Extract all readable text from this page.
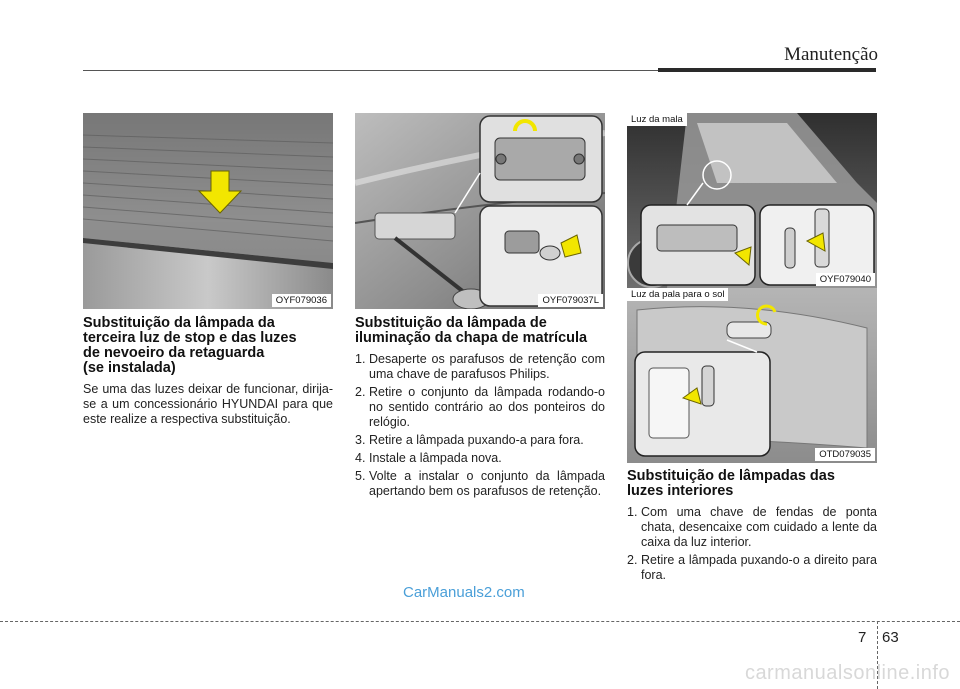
Manutenção
OYF079036	OYF079037L
Luz da mala
OYF079040
Luz da pala para o sol
OTD079035
Substituição da lâmpada da
terceira luz de stop e das luzes
de nevoeiro da retaguarda
(se instalada)

Se uma das luzes deixar de funcionar, dirija-se a um concessionário HYUNDAI para que este realize a respectiva substituição.

Substituição da lâmpada de
iluminação da chapa de matrícula
1. Desaperte os parafusos de retenção com uma chave de parafusos Philips.
2. Retire o conjunto da lâmpada rodando-o no sentido contrário ao dos ponteiros do relógio.
3. Retire a lâmpada puxando-a para fora.
4. Instale a lâmpada nova.
5. Volte a instalar o conjunto da lâmpada apertando bem os parafusos de retenção.
Substituição de lâmpadas das
luzes interiores
1. Com uma chave de fendas de ponta chata, desencaixe com cuidado a lente da caixa da luz interior.
2. Retire a lâmpada puxando-o a direito para fora.
CarManuals2.com
7 63
carmanualsonline.info
